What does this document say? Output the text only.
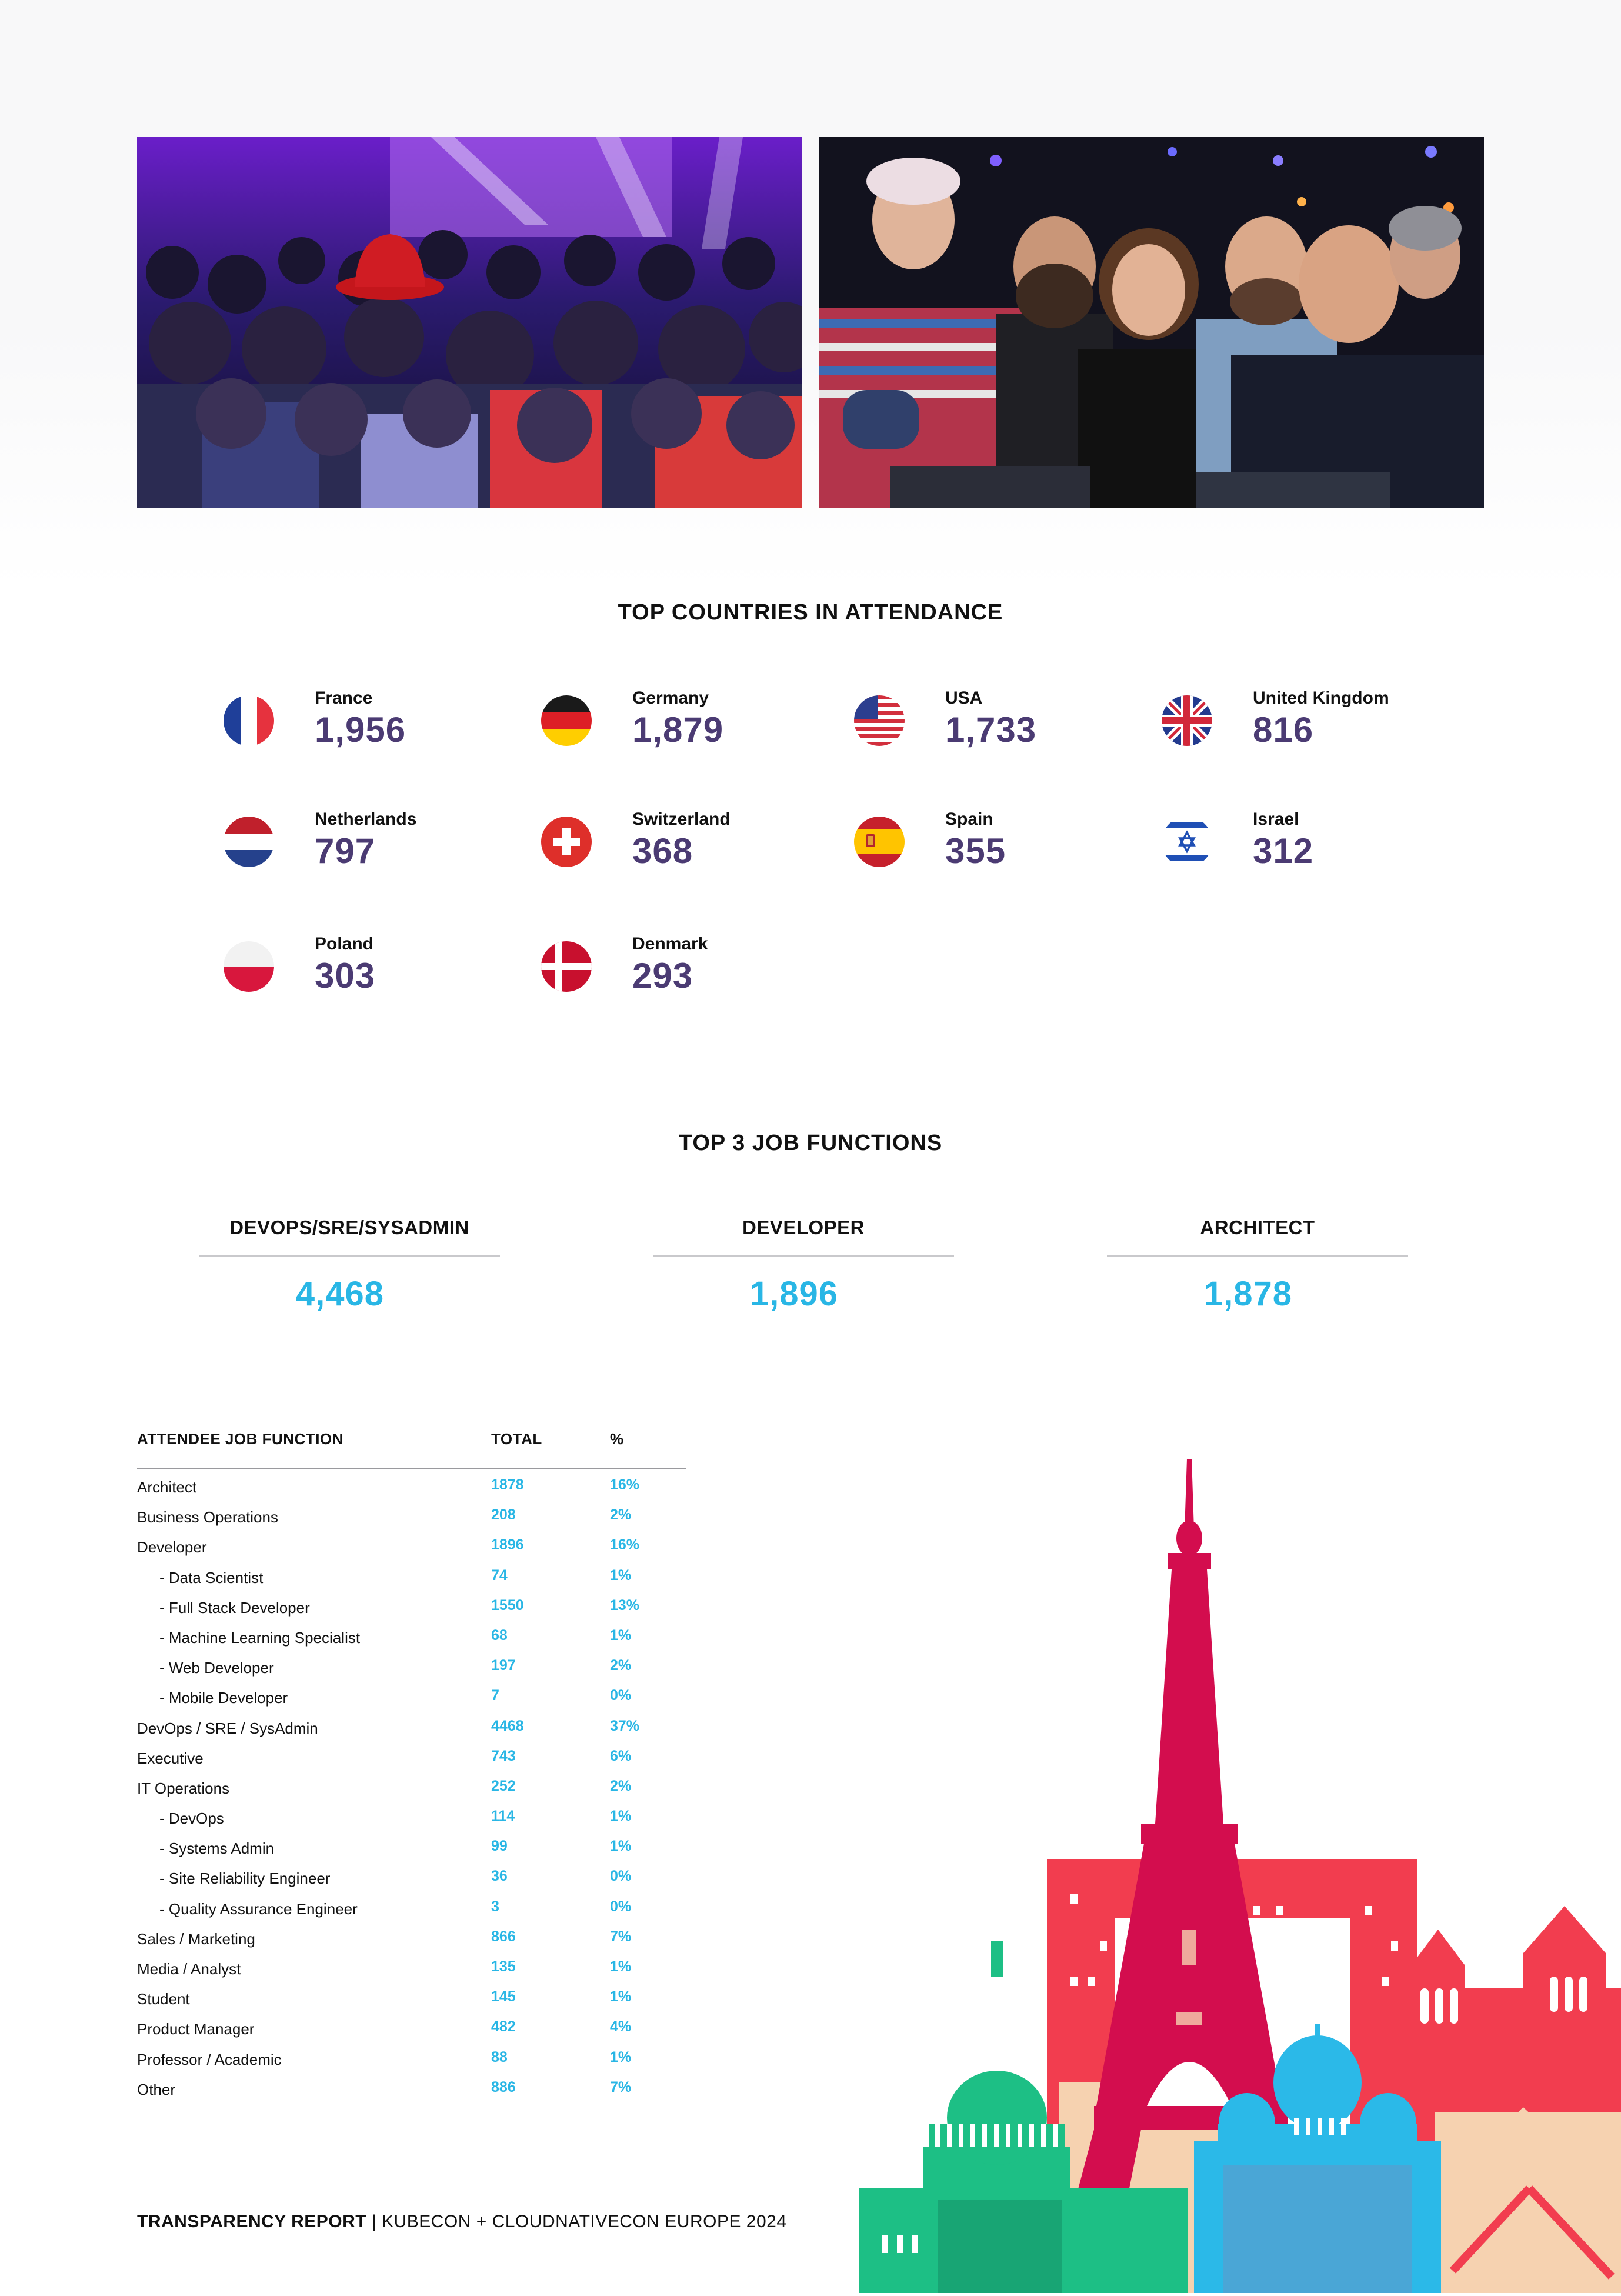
TOP COUNTRIES IN ATTENDANCE
France
1,956
Germany
1,879
USA
1,733
United Kingdom
816
Netherlands
797
Switzerland
368
Spain
355
Israel
312
Poland
303
Denmark
293
TOP 3 JOB FUNCTIONS
DEVOPS/SRE/SYSADMIN
4,468
DEVELOPER
1,896
ARCHITECT
1,878
ATTENDEE JOB FUNCTION	TOTAL	%
Architect	1878	16%
Business Operations	208	2%
Developer	1896	16%
- Data Scientist	74	1%
- Full Stack Developer	1550	13%
- Machine Learning Specialist	68	1%
- Web Developer	197	2%
- Mobile Developer	7	0%
DevOps / SRE / SysAdmin	4468	37%
Executive	743	6%
IT Operations	252	2%
- DevOps	114	1%
- Systems Admin	99	1%
- Site Reliability Engineer	36	0%
- Quality Assurance Engineer	3	0%
Sales / Marketing	866	7%
Media / Analyst	135	1%
Student	145	1%
Product Manager	482	4%
Professor / Academic	88	1%
Other	886	7%
TRANSPARENCY REPORT | KUBECON + CLOUDNATIVECON EUROPE 2024
